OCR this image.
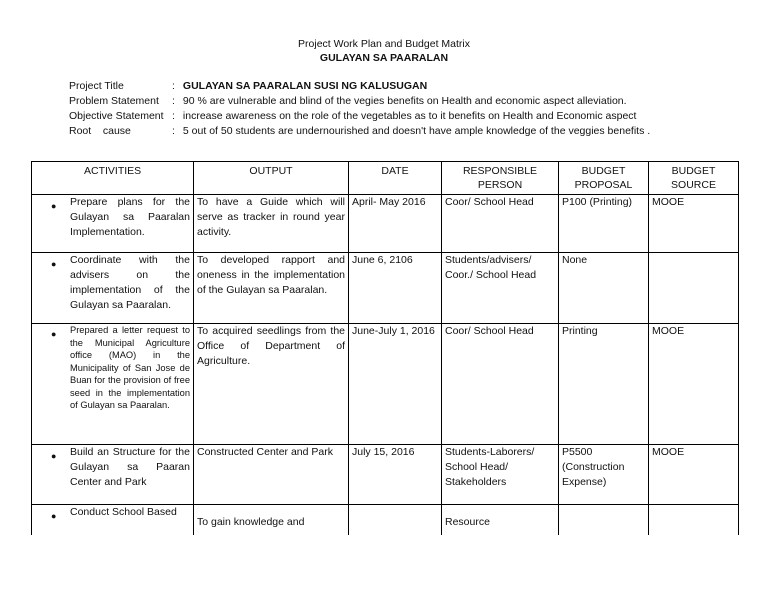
Project Work Plan and Budget Matrix
GULAYAN SA PAARALAN
Project Title	: GULAYAN SA PAARALAN SUSI NG KALUSUGAN
Problem Statement : 90 % are vulnerable and blind of the vegies benefits on Health and economic aspect alleviation.
Objective Statement : increase awareness on the role of the vegetables as to it benefits on Health and Economic aspect
Root    cause	: 5 out of 50 students are undernourished and doesn't have ample knowledge of the veggies benefits .
ACTIVITIES	OUTPUT	DATE	RESPONSIBLE PERSON	BUDGET PROPOSAL	BUDGET SOURCE

● Prepare plans for the Gulayan sa Paaralan Implementation.	To have a Guide which will serve as tracker in round year activity.	April- May 2016	Coor/ School Head	P100 (Printing)	MOOE

● Coordinate with the advisers on the implementation of the Gulayan sa Paaralan.	To developed rapport and oneness in the implementation of the Gulayan sa Paaralan.	June 6, 2106	Students/advisers/ Coor./ School Head	None	

● Prepared a letter request to the Municipal Agriculture office (MAO) in the Municipality of San Jose de Buan for the provision of free seed in the implementation of Gulayan sa Paaralan.	To acquired seedlings from the Office of Department of Agriculture.	June-July 1, 2016	Coor/ School Head	Printing	MOOE

● Build an Structure for the Gulayan sa Paaran Center and Park	Constructed Center and Park	July 15, 2016	Students-Laborers/ School Head/ Stakeholders	P5500 (Construction Expense)	MOOE

● Conduct School Based	To gain knowledge and		Resource		
